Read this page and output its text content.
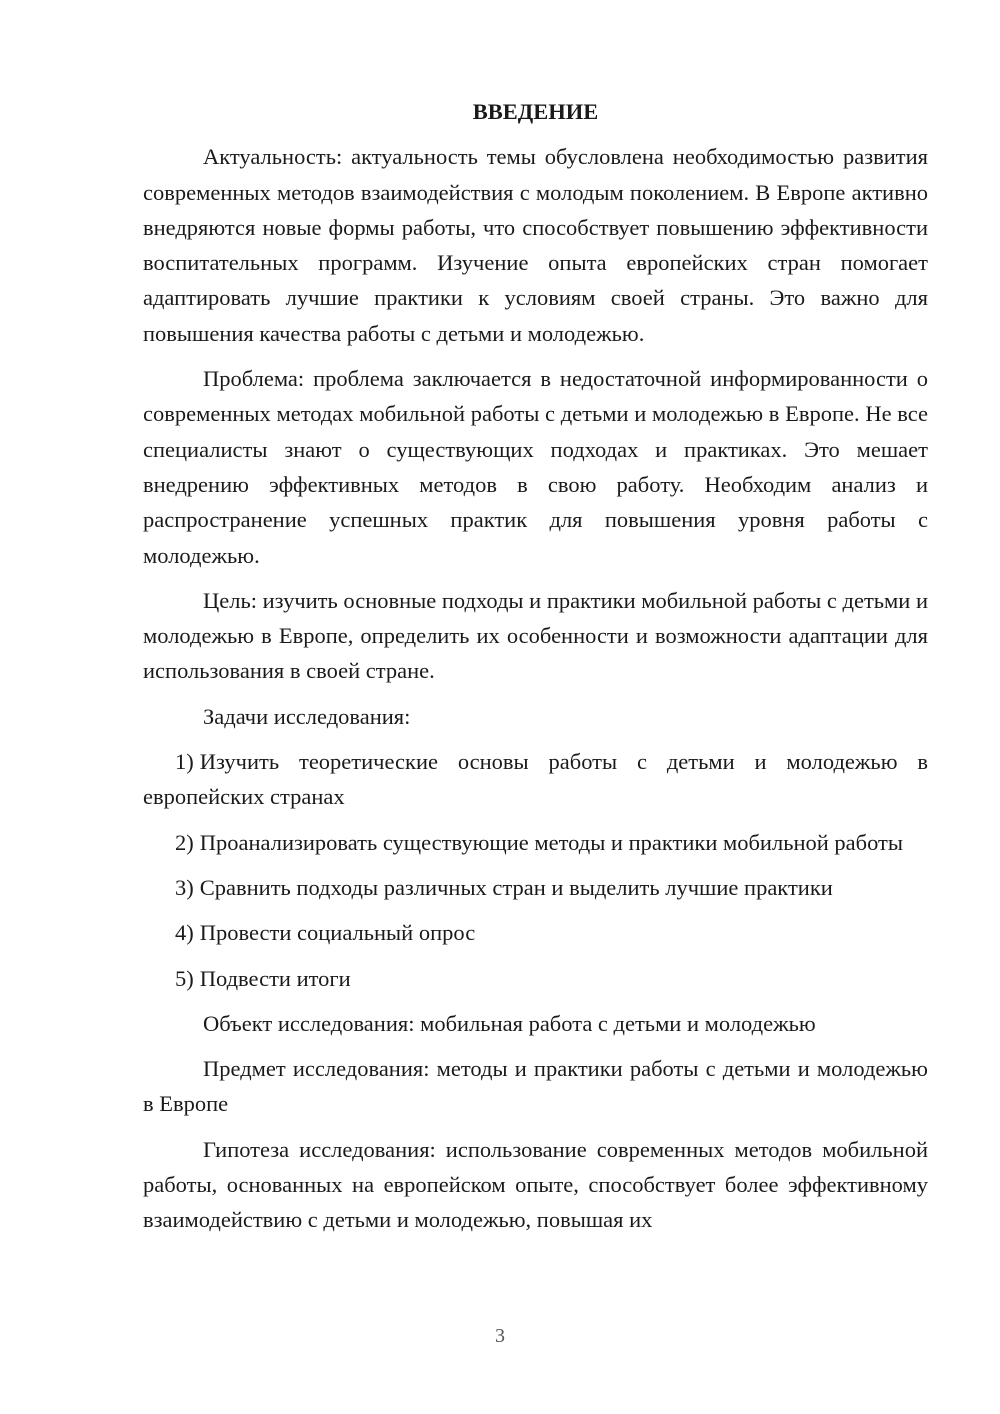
ВВЕДЕНИЕ

Актуальность: актуальность темы обусловлена необходимостью развития современных методов взаимодействия с молодым поколением. В Европе активно внедряются новые формы работы, что способствует повышению эффективности воспитательных программ. Изучение опыта европейских стран помогает адаптировать лучшие практики к условиям своей страны. Это важно для повышения качества работы с детьми и молодежью.

Проблема: проблема заключается в недостаточной информированности о современных методах мобильной работы с детьми и молодежью в Европе. Не все специалисты знают о существующих подходах и практиках. Это мешает внедрению эффективных методов в свою работу. Необходим анализ и распространение успешных практик для повышения уровня работы с молодежью.

Цель: изучить основные подходы и практики мобильной работы с детьми и молодежью в Европе, определить их особенности и возможности адаптации для использования в своей стране.

Задачи исследования:

1) Изучить теоретические основы работы с детьми и молодежью в европейских странах

2) Проанализировать существующие методы и практики мобильной работы

3) Сравнить подходы различных стран и выделить лучшие практики

4) Провести социальный опрос

5) Подвести итоги

Объект исследования: мобильная работа с детьми и молодежью

Предмет исследования: методы и практики работы с детьми и молодежью в Европе

Гипотеза исследования: использование современных методов мобильной работы, основанных на европейском опыте, способствует более эффективному взаимодействию с детьми и молодежью, повышая их

3
